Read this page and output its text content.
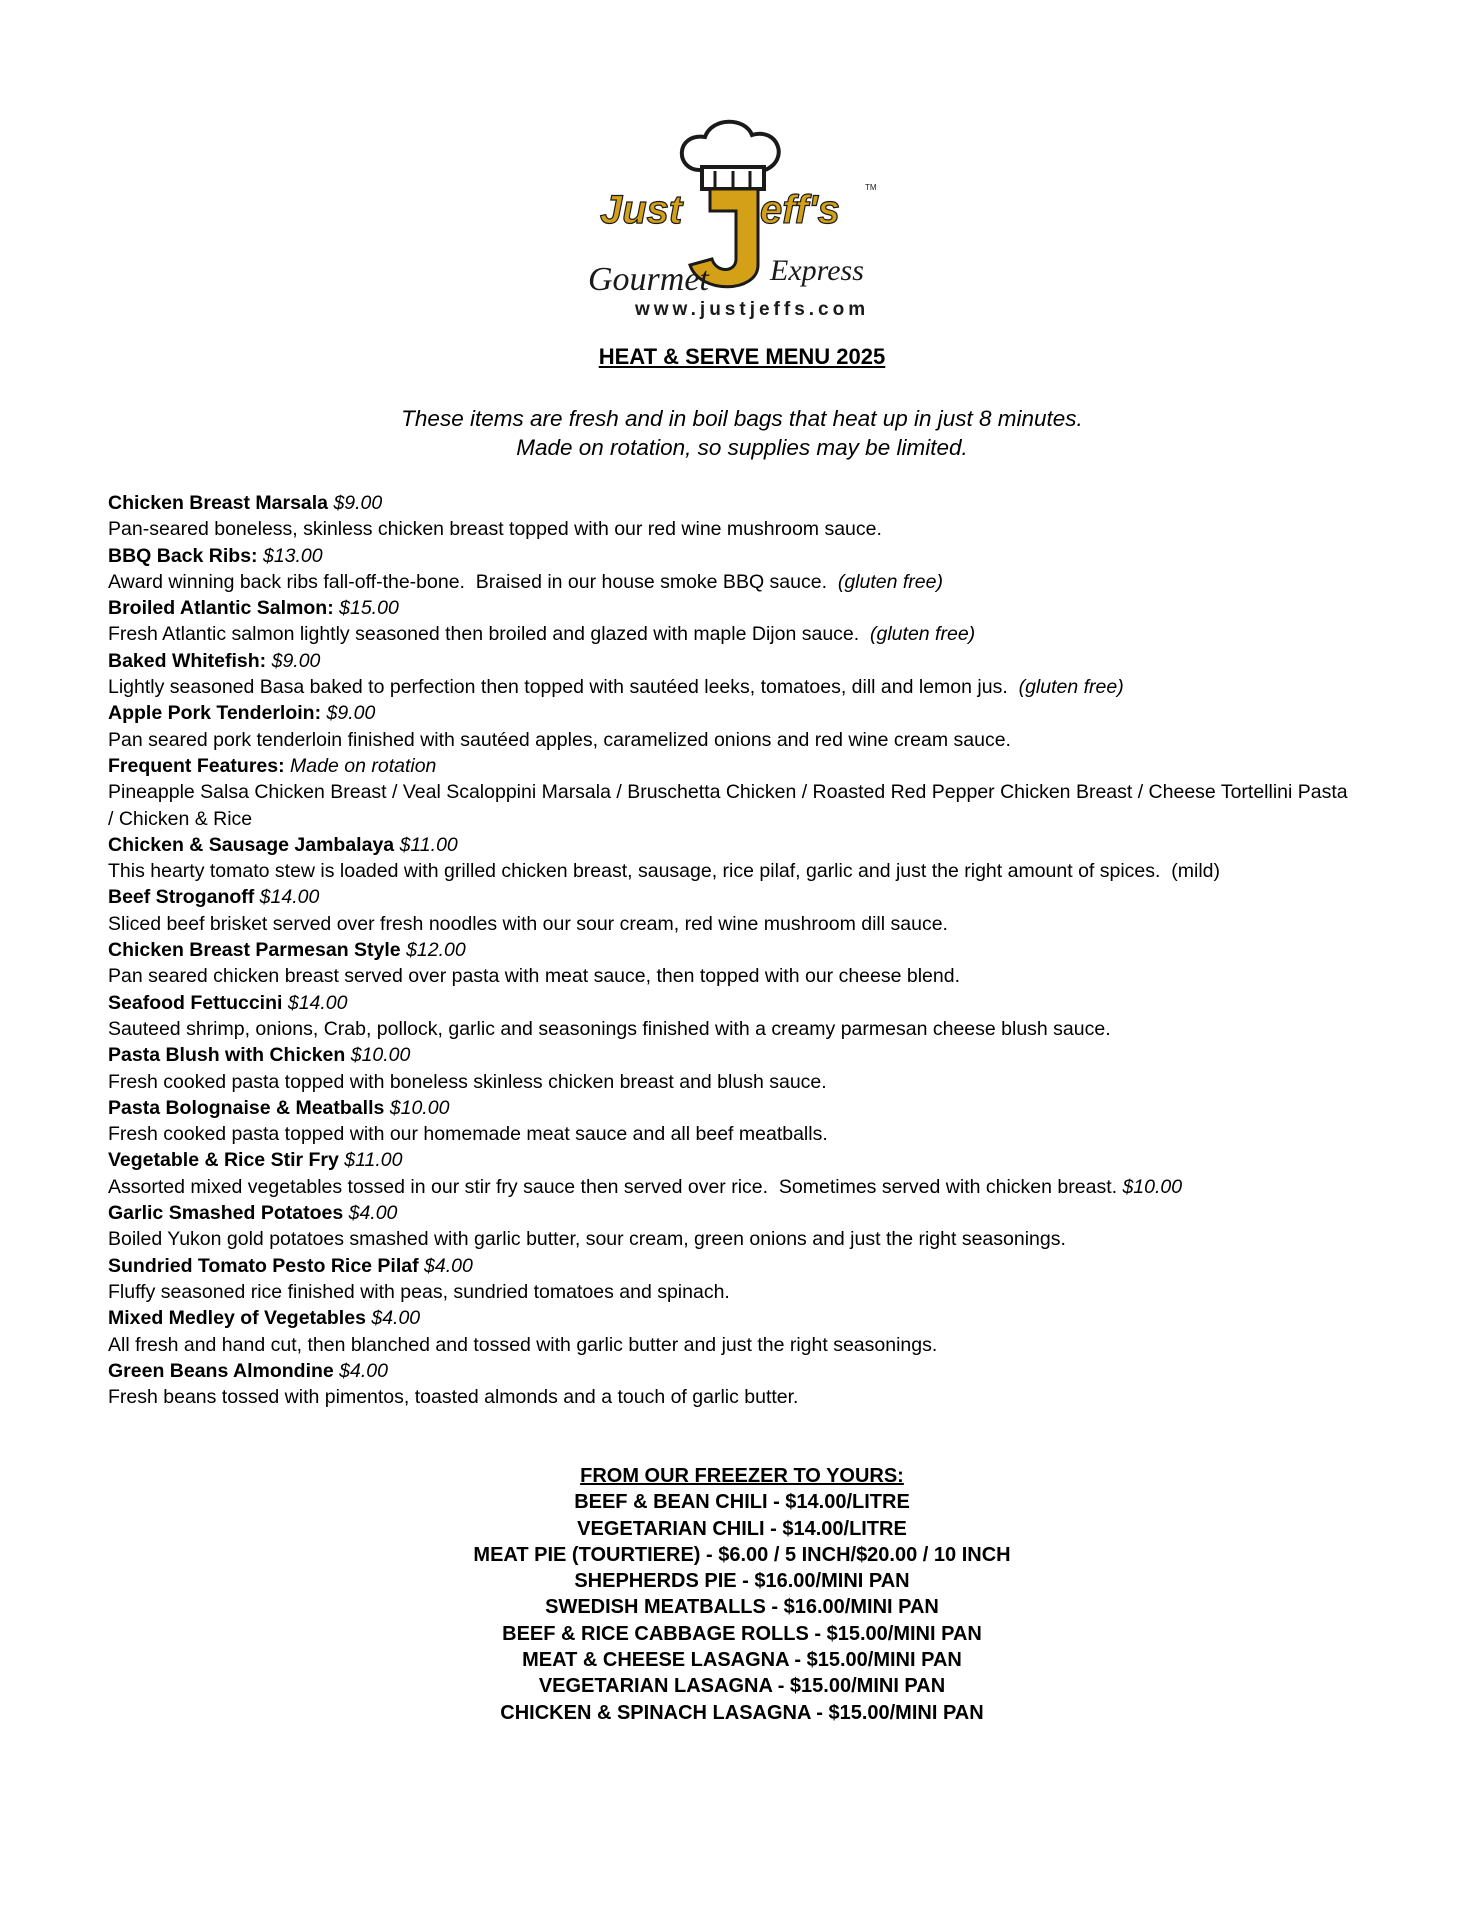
Just eff's
TM
Gourmet Express
www.justjeffs.com
HEAT & SERVE MENU 2025
These items are fresh and in boil bags that heat up in just 8 minutes.
Made on rotation, so supplies may be limited.
Chicken Breast Marsala $9.00
Pan-seared boneless, skinless chicken breast topped with our red wine mushroom sauce.
BBQ Back Ribs: $13.00
Award winning back ribs fall-off-the-bone.  Braised in our house smoke BBQ sauce.  (gluten free)
Broiled Atlantic Salmon: $15.00
Fresh Atlantic salmon lightly seasoned then broiled and glazed with maple Dijon sauce.  (gluten free)
Baked Whitefish: $9.00
Lightly seasoned Basa baked to perfection then topped with sautéed leeks, tomatoes, dill and lemon jus.  (gluten free)
Apple Pork Tenderloin: $9.00
Pan seared pork tenderloin finished with sautéed apples, caramelized onions and red wine cream sauce.
Frequent Features: Made on rotation
Pineapple Salsa Chicken Breast / Veal Scaloppini Marsala / Bruschetta Chicken / Roasted Red Pepper Chicken Breast / Cheese Tortellini Pasta / Chicken & Rice
Chicken & Sausage Jambalaya $11.00
This hearty tomato stew is loaded with grilled chicken breast, sausage, rice pilaf, garlic and just the right amount of spices.  (mild)
Beef Stroganoff $14.00
Sliced beef brisket served over fresh noodles with our sour cream, red wine mushroom dill sauce.
Chicken Breast Parmesan Style $12.00
Pan seared chicken breast served over pasta with meat sauce, then topped with our cheese blend.
Seafood Fettuccini $14.00
Sauteed shrimp, onions, Crab, pollock, garlic and seasonings finished with a creamy parmesan cheese blush sauce.
Pasta Blush with Chicken $10.00
Fresh cooked pasta topped with boneless skinless chicken breast and blush sauce.
Pasta Bolognaise & Meatballs $10.00
Fresh cooked pasta topped with our homemade meat sauce and all beef meatballs.
Vegetable & Rice Stir Fry $11.00
Assorted mixed vegetables tossed in our stir fry sauce then served over rice.  Sometimes served with chicken breast. $10.00
Garlic Smashed Potatoes $4.00
Boiled Yukon gold potatoes smashed with garlic butter, sour cream, green onions and just the right seasonings.
Sundried Tomato Pesto Rice Pilaf $4.00
Fluffy seasoned rice finished with peas, sundried tomatoes and spinach.
Mixed Medley of Vegetables $4.00
All fresh and hand cut, then blanched and tossed with garlic butter and just the right seasonings.
Green Beans Almondine $4.00
Fresh beans tossed with pimentos, toasted almonds and a touch of garlic butter.
FROM OUR FREEZER TO YOURS:
BEEF & BEAN CHILI - $14.00/LITRE
VEGETARIAN CHILI - $14.00/LITRE
MEAT PIE (TOURTIERE) - $6.00 / 5 INCH/$20.00 / 10 INCH
SHEPHERDS PIE - $16.00/MINI PAN
SWEDISH MEATBALLS - $16.00/MINI PAN
BEEF & RICE CABBAGE ROLLS - $15.00/MINI PAN
MEAT & CHEESE LASAGNA - $15.00/MINI PAN
VEGETARIAN LASAGNA - $15.00/MINI PAN
CHICKEN & SPINACH LASAGNA - $15.00/MINI PAN
